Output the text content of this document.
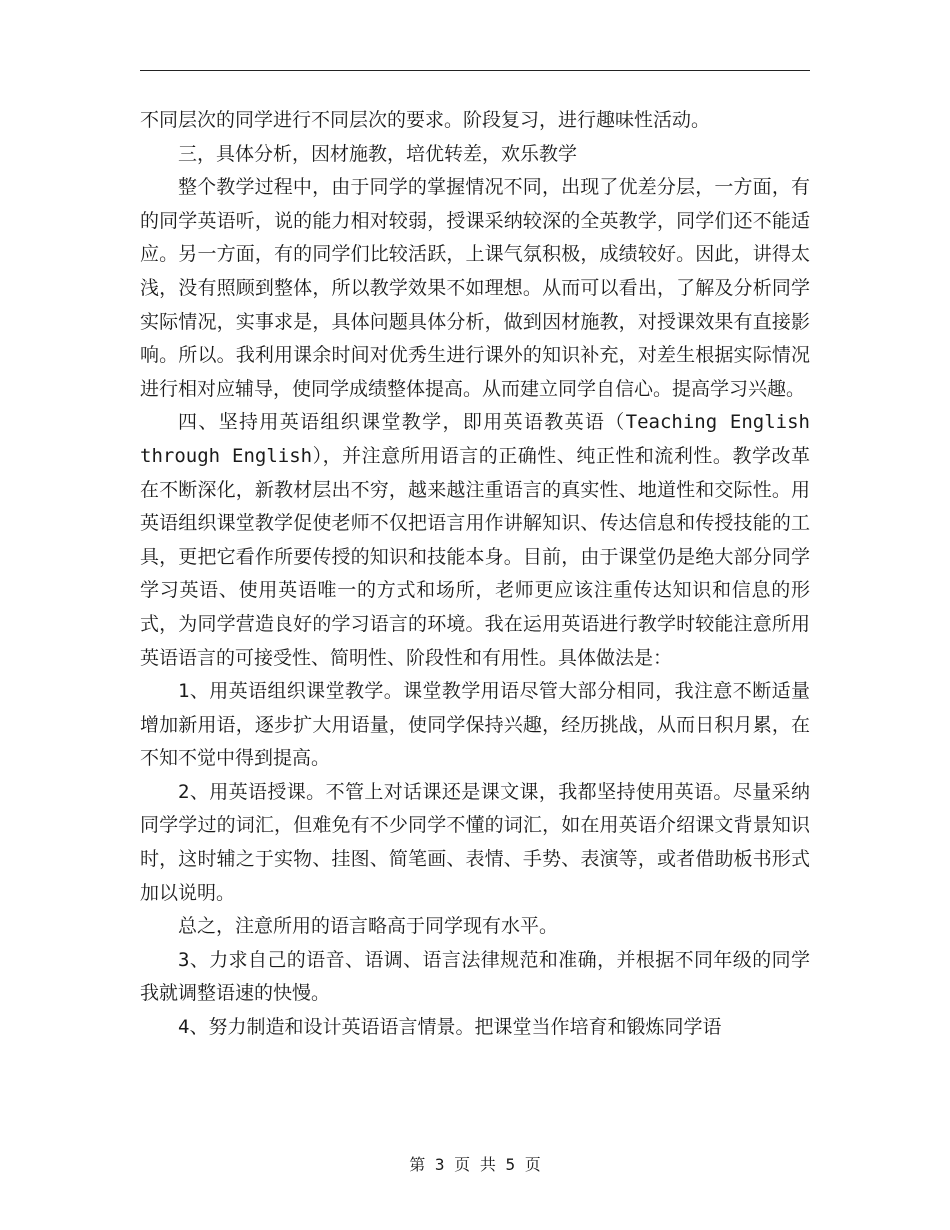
不同层次的同学进行不同层次的要求。阶段复习，进行趣味性活动。

三，具体分析，因材施教，培优转差，欢乐教学

整个教学过程中，由于同学的掌握情况不同，出现了优差分层，一方面，有的同学英语听，说的能力相对较弱，授课采纳较深的全英教学，同学们还不能适应。另一方面，有的同学们比较活跃，上课气氛积极，成绩较好。因此，讲得太浅，没有照顾到整体，所以教学效果不如理想。从而可以看出，了解及分析同学实际情况，实事求是，具体问题具体分析，做到因材施教，对授课效果有直接影响。所以。我利用课余时间对优秀生进行课外的知识补充，对差生根据实际情况进行相对应辅导，使同学成绩整体提高。从而建立同学自信心。提高学习兴趣。

四、坚持用英语组织课堂教学，即用英语教英语（Teaching English through English），并注意所用语言的正确性、纯正性和流利性。教学改革在不断深化，新教材层出不穷，越来越注重语言的真实性、地道性和交际性。用英语组织课堂教学促使老师不仅把语言用作讲解知识、传达信息和传授技能的工具，更把它看作所要传授的知识和技能本身。目前，由于课堂仍是绝大部分同学学习英语、使用英语唯一的方式和场所，老师更应该注重传达知识和信息的形式，为同学营造良好的学习语言的环境。我在运用英语进行教学时较能注意所用英语语言的可接受性、简明性、阶段性和有用性。具体做法是：

1、用英语组织课堂教学。课堂教学用语尽管大部分相同，我注意不断适量增加新用语，逐步扩大用语量，使同学保持兴趣，经历挑战，从而日积月累，在不知不觉中得到提高。

2、用英语授课。不管上对话课还是课文课，我都坚持使用英语。尽量采纳同学学过的词汇，但难免有不少同学不懂的词汇，如在用英语介绍课文背景知识时，这时辅之于实物、挂图、简笔画、表情、手势、表演等，或者借助板书形式加以说明。

总之，注意所用的语言略高于同学现有水平。

3、力求自己的语音、语调、语言法律规范和准确，并根据不同年级的同学我就调整语速的快慢。

4、努力制造和设计英语语言情景。把课堂当作培育和锻炼同学语

第 3 页 共 5 页
